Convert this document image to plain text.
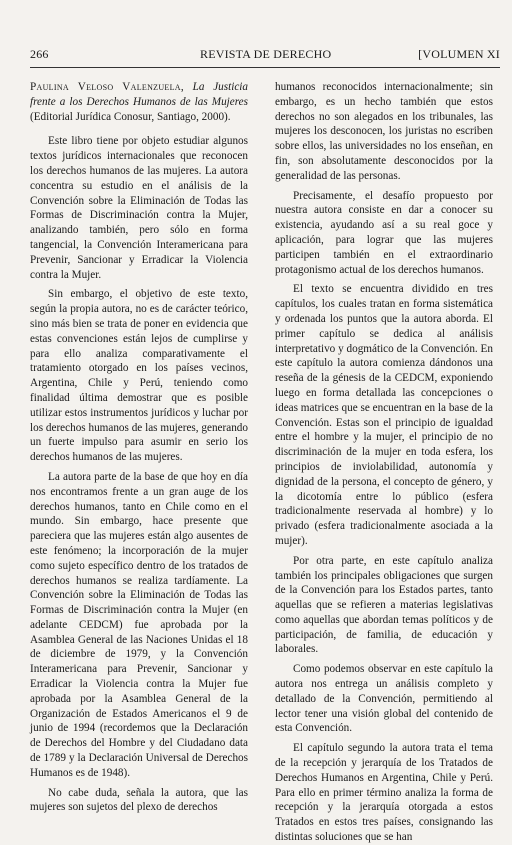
266	REVISTA DE DERECHO	[VOLUMEN XI

Paulina Veloso Valenzuela, La Justicia frente a los Derechos Humanos de las Mujeres (Editorial Jurídica Conosur, Santiago, 2000).

Este libro tiene por objeto estudiar algunos textos jurídicos internacionales que reconocen los derechos humanos de las mujeres. La autora concentra su estudio en el análisis de la Convención sobre la Eliminación de Todas las Formas de Discriminación contra la Mujer, analizando también, pero sólo en forma tangencial, la Convención Interamericana para Prevenir, Sancionar y Erradicar la Violencia contra la Mujer.

Sin embargo, el objetivo de este texto, según la propia autora, no es de carácter teórico, sino más bien se trata de poner en evidencia que estas convenciones están lejos de cumplirse y para ello analiza comparativamente el tratamiento otorgado en los países vecinos, Argentina, Chile y Perú, teniendo como finalidad última demostrar que es posible utilizar estos instrumentos jurídicos y luchar por los derechos humanos de las mujeres, generando un fuerte impulso para asumir en serio los derechos humanos de las mujeres.

La autora parte de la base de que hoy en día nos encontramos frente a un gran auge de los derechos humanos, tanto en Chile como en el mundo. Sin embargo, hace presente que pareciera que las mujeres están algo ausentes de este fenómeno; la incorporación de la mujer como sujeto específico dentro de los tratados de derechos humanos se realiza tardíamente. La Convención sobre la Eliminación de Todas las Formas de Discriminación contra la Mujer (en adelante CEDCM) fue aprobada por la Asamblea General de las Naciones Unidas el 18 de diciembre de 1979, y la Convención Interamericana para Prevenir, Sancionar y Erradicar la Violencia contra la Mujer fue aprobada por la Asamblea General de la Organización de Estados Americanos el 9 de junio de 1994 (recordemos que la Declaración de Derechos del Hombre y del Ciudadano data de 1789 y la Declaración Universal de Derechos Humanos es de 1948).

No cabe duda, señala la autora, que las mujeres son sujetos del plexo de derechos

humanos reconocidos internacionalmente; sin embargo, es un hecho también que estos derechos no son alegados en los tribunales, las mujeres los desconocen, los juristas no escriben sobre ellos, las universidades no los enseñan, en fin, son absolutamente desconocidos por la generalidad de las personas.

Precisamente, el desafío propuesto por nuestra autora consiste en dar a conocer su existencia, ayudando así a su real goce y aplicación, para lograr que las mujeres participen también en el extraordinario protagonismo actual de los derechos humanos.

El texto se encuentra dividido en tres capítulos, los cuales tratan en forma sistemática y ordenada los puntos que la autora aborda. El primer capítulo se dedica al análisis interpretativo y dogmático de la Convención. En este capítulo la autora comienza dándonos una reseña de la génesis de la CEDCM, exponiendo luego en forma detallada las concepciones o ideas matrices que se encuentran en la base de la Convención. Estas son el principio de igualdad entre el hombre y la mujer, el principio de no discriminación de la mujer en toda esfera, los principios de inviolabilidad, autonomía y dignidad de la persona, el concepto de género, y la dicotomía entre lo público (esfera tradicionalmente reservada al hombre) y lo privado (esfera tradicionalmente asociada a la mujer).

Por otra parte, en este capítulo analiza también los principales obligaciones que surgen de la Convención para los Estados partes, tanto aquellas que se refieren a materias legislativas como aquellas que abordan temas políticos y de participación, de familia, de educación y laborales.

Como podemos observar en este capítulo la autora nos entrega un análisis completo y detallado de la Convención, permitiendo al lector tener una visión global del contenido de esta Convención.

El capítulo segundo la autora trata el tema de la recepción y jerarquía de los Tratados de Derechos Humanos en Argentina, Chile y Perú. Para ello en primer término analiza la forma de recepción y la jerarquía otorgada a estos Tratados en estos tres países, consignando las distintas soluciones que se han
